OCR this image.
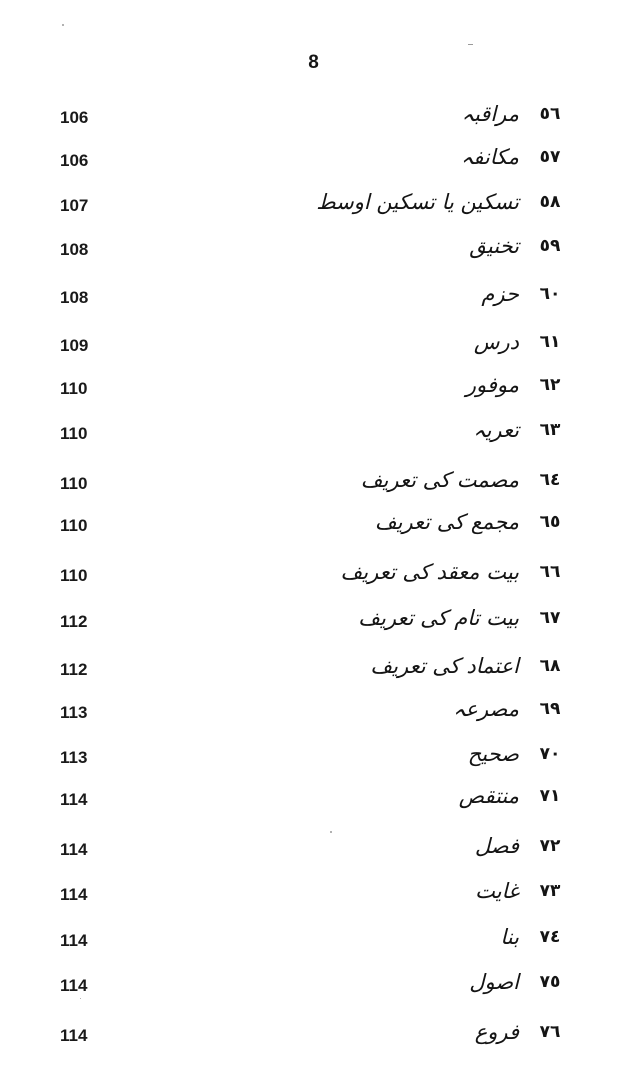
8
106	مراقبہ	٥٦
106	مکانفہ	٥٧
107	تسکین یا تسکین اوسط	٥٨
108	تخنیق	٥٩
108	حزم	٦٠
109	درس	٦١
110	موفور	٦٢
110	تعریہ	٦٣
110	مصمت کی تعریف	٦٤
110	مجمع کی تعریف	٦٥
110	بیت معقد کی تعریف	٦٦
112	بیت تام کی تعریف	٦٧
112	اعتماد کی تعریف	٦٨
113	مصرعہ	٦٩
113	صحیح	٧٠
114	منتقص	٧١
114	فصل	٧٢
114	غایت	٧٣
114	بنا	٧٤
114	اصول	٧٥
114	فروع	٧٦
